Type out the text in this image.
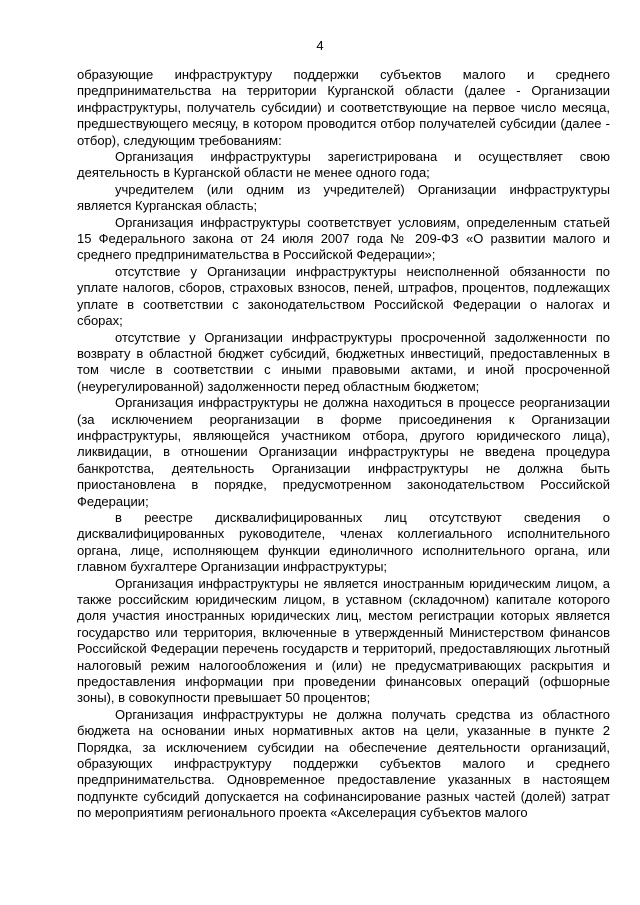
4

образующие инфраструктуру поддержки субъектов малого и среднего предпринимательства на территории Курганской области (далее - Организации инфраструктуры, получатель субсидии) и соответствующие на первое число месяца, предшествующего месяцу, в котором проводится отбор получателей субсидии (далее - отбор), следующим требованиям:

Организация инфраструктуры зарегистрирована и осуществляет свою деятельность в Курганской области не менее одного года;

учредителем (или одним из учредителей) Организации инфраструктуры является Курганская область;

Организация инфраструктуры соответствует условиям, определенным статьей 15 Федерального закона от 24 июля 2007 года № 209-ФЗ «О развитии малого и среднего предпринимательства в Российской Федерации»;

отсутствие у Организации инфраструктуры неисполненной обязанности по уплате налогов, сборов, страховых взносов, пеней, штрафов, процентов, подлежащих уплате в соответствии с законодательством Российской Федерации о налогах и сборах;

отсутствие у Организации инфраструктуры просроченной задолженности по возврату в областной бюджет субсидий, бюджетных инвестиций, предоставленных в том числе в соответствии с иными правовыми актами, и иной просроченной (неурегулированной) задолженности перед областным бюджетом;

Организация инфраструктуры не должна находиться в процессе реорганизации (за исключением реорганизации в форме присоединения к Организации инфраструктуры, являющейся участником отбора, другого юридического лица), ликвидации, в отношении Организации инфраструктуры не введена процедура банкротства, деятельность Организации инфраструктуры не должна быть приостановлена в порядке, предусмотренном законодательством Российской Федерации;

в реестре дисквалифицированных лиц отсутствуют сведения о дисквалифицированных руководителе, членах коллегиального исполнительного органа, лице, исполняющем функции единоличного исполнительного органа, или главном бухгалтере Организации инфраструктуры;

Организация инфраструктуры не является иностранным юридическим лицом, а также российским юридическим лицом, в уставном (складочном) капитале которого доля участия иностранных юридических лиц, местом регистрации которых является государство или территория, включенные в утвержденный Министерством финансов Российской Федерации перечень государств и территорий, предоставляющих льготный налоговый режим налогообложения и (или) не предусматривающих раскрытия и предоставления информации при проведении финансовых операций (офшорные зоны), в совокупности превышает 50 процентов;

Организация инфраструктуры не должна получать средства из областного бюджета на основании иных нормативных актов на цели, указанные в пункте 2 Порядка, за исключением субсидии на обеспечение деятельности организаций, образующих инфраструктуру поддержки субъектов малого и среднего предпринимательства. Одновременное предоставление указанных в настоящем подпункте субсидий допускается на софинансирование разных частей (долей) затрат по мероприятиям регионального проекта «Акселерация субъектов малого
